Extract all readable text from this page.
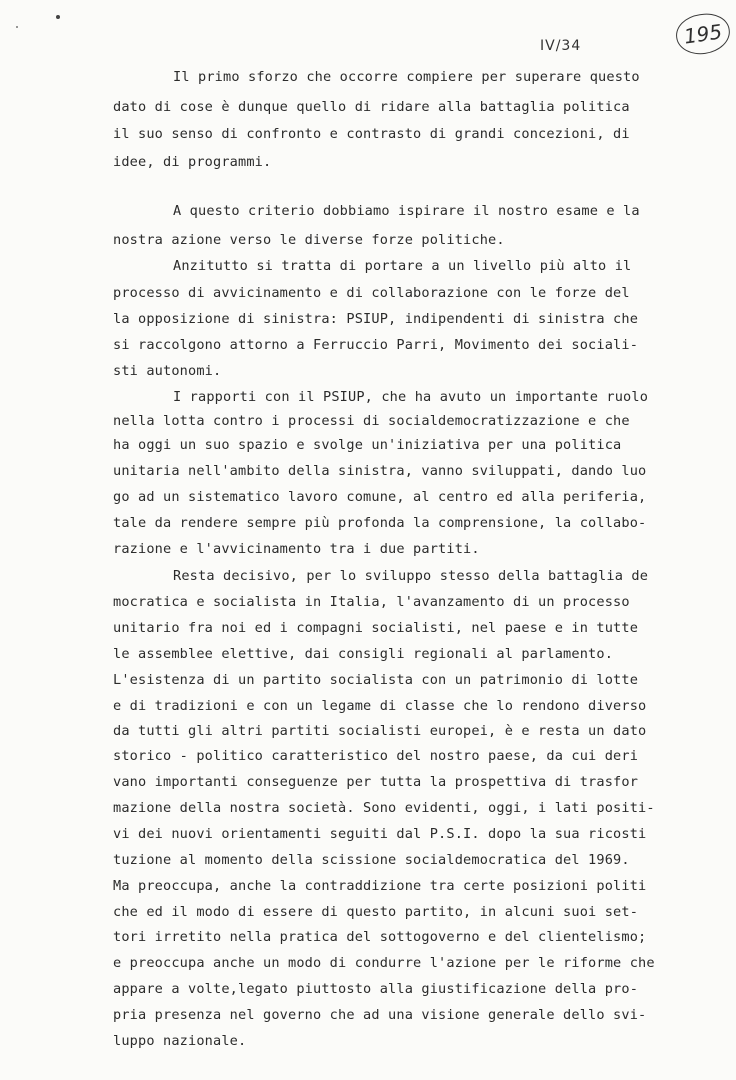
IV/34	195
Il primo sforzo che occorre compiere per superare questo
dato di cose è dunque quello di ridare alla battaglia politica
il suo senso di confronto e contrasto di grandi concezioni, di
idee, di programmi.
A questo criterio dobbiamo ispirare il nostro esame e la
nostra azione verso le diverse forze politiche.
Anzitutto si tratta di portare a un livello più alto il
processo di avvicinamento e di collaborazione con le forze del
la opposizione di sinistra: PSIUP, indipendenti di sinistra che
si raccolgono attorno a Ferruccio Parri, Movimento dei sociali-
sti autonomi.
I rapporti con il PSIUP, che ha avuto un importante ruolo
nella lotta contro i processi di socialdemocratizzazione e che
ha oggi un suo spazio e svolge un'iniziativa per una politica
unitaria nell'ambito della sinistra, vanno sviluppati, dando luo
go ad un sistematico lavoro comune, al centro ed alla periferia,
tale da rendere sempre più profonda la comprensione, la collabo-
razione e l'avvicinamento tra i due partiti.
Resta decisivo, per lo sviluppo stesso della battaglia de
mocratica e socialista in Italia, l'avanzamento di un processo
unitario fra noi ed i compagni socialisti, nel paese e in tutte
le assemblee elettive, dai consigli regionali al parlamento.
L'esistenza di un partito socialista con un patrimonio di lotte
e di tradizioni e con un legame di classe che lo rendono diverso
da tutti gli altri partiti socialisti europei, è e resta un dato
storico - politico caratteristico del nostro paese, da cui deri
vano importanti conseguenze per tutta la prospettiva di trasfor
mazione della nostra società. Sono evidenti, oggi, i lati positi-
vi dei nuovi orientamenti seguiti dal P.S.I. dopo la sua ricosti
tuzione al momento della scissione socialdemocratica del 1969.
Ma preoccupa, anche la contraddizione tra certe posizioni politi
che ed il modo di essere di questo partito, in alcuni suoi set-
tori irretito nella pratica del sottogoverno e del clientelismo;
e preoccupa anche un modo di condurre l'azione per le riforme che
appare a volte,legato piuttosto alla giustificazione della pro-
pria presenza nel governo che ad una visione generale dello svi-
luppo nazionale.
